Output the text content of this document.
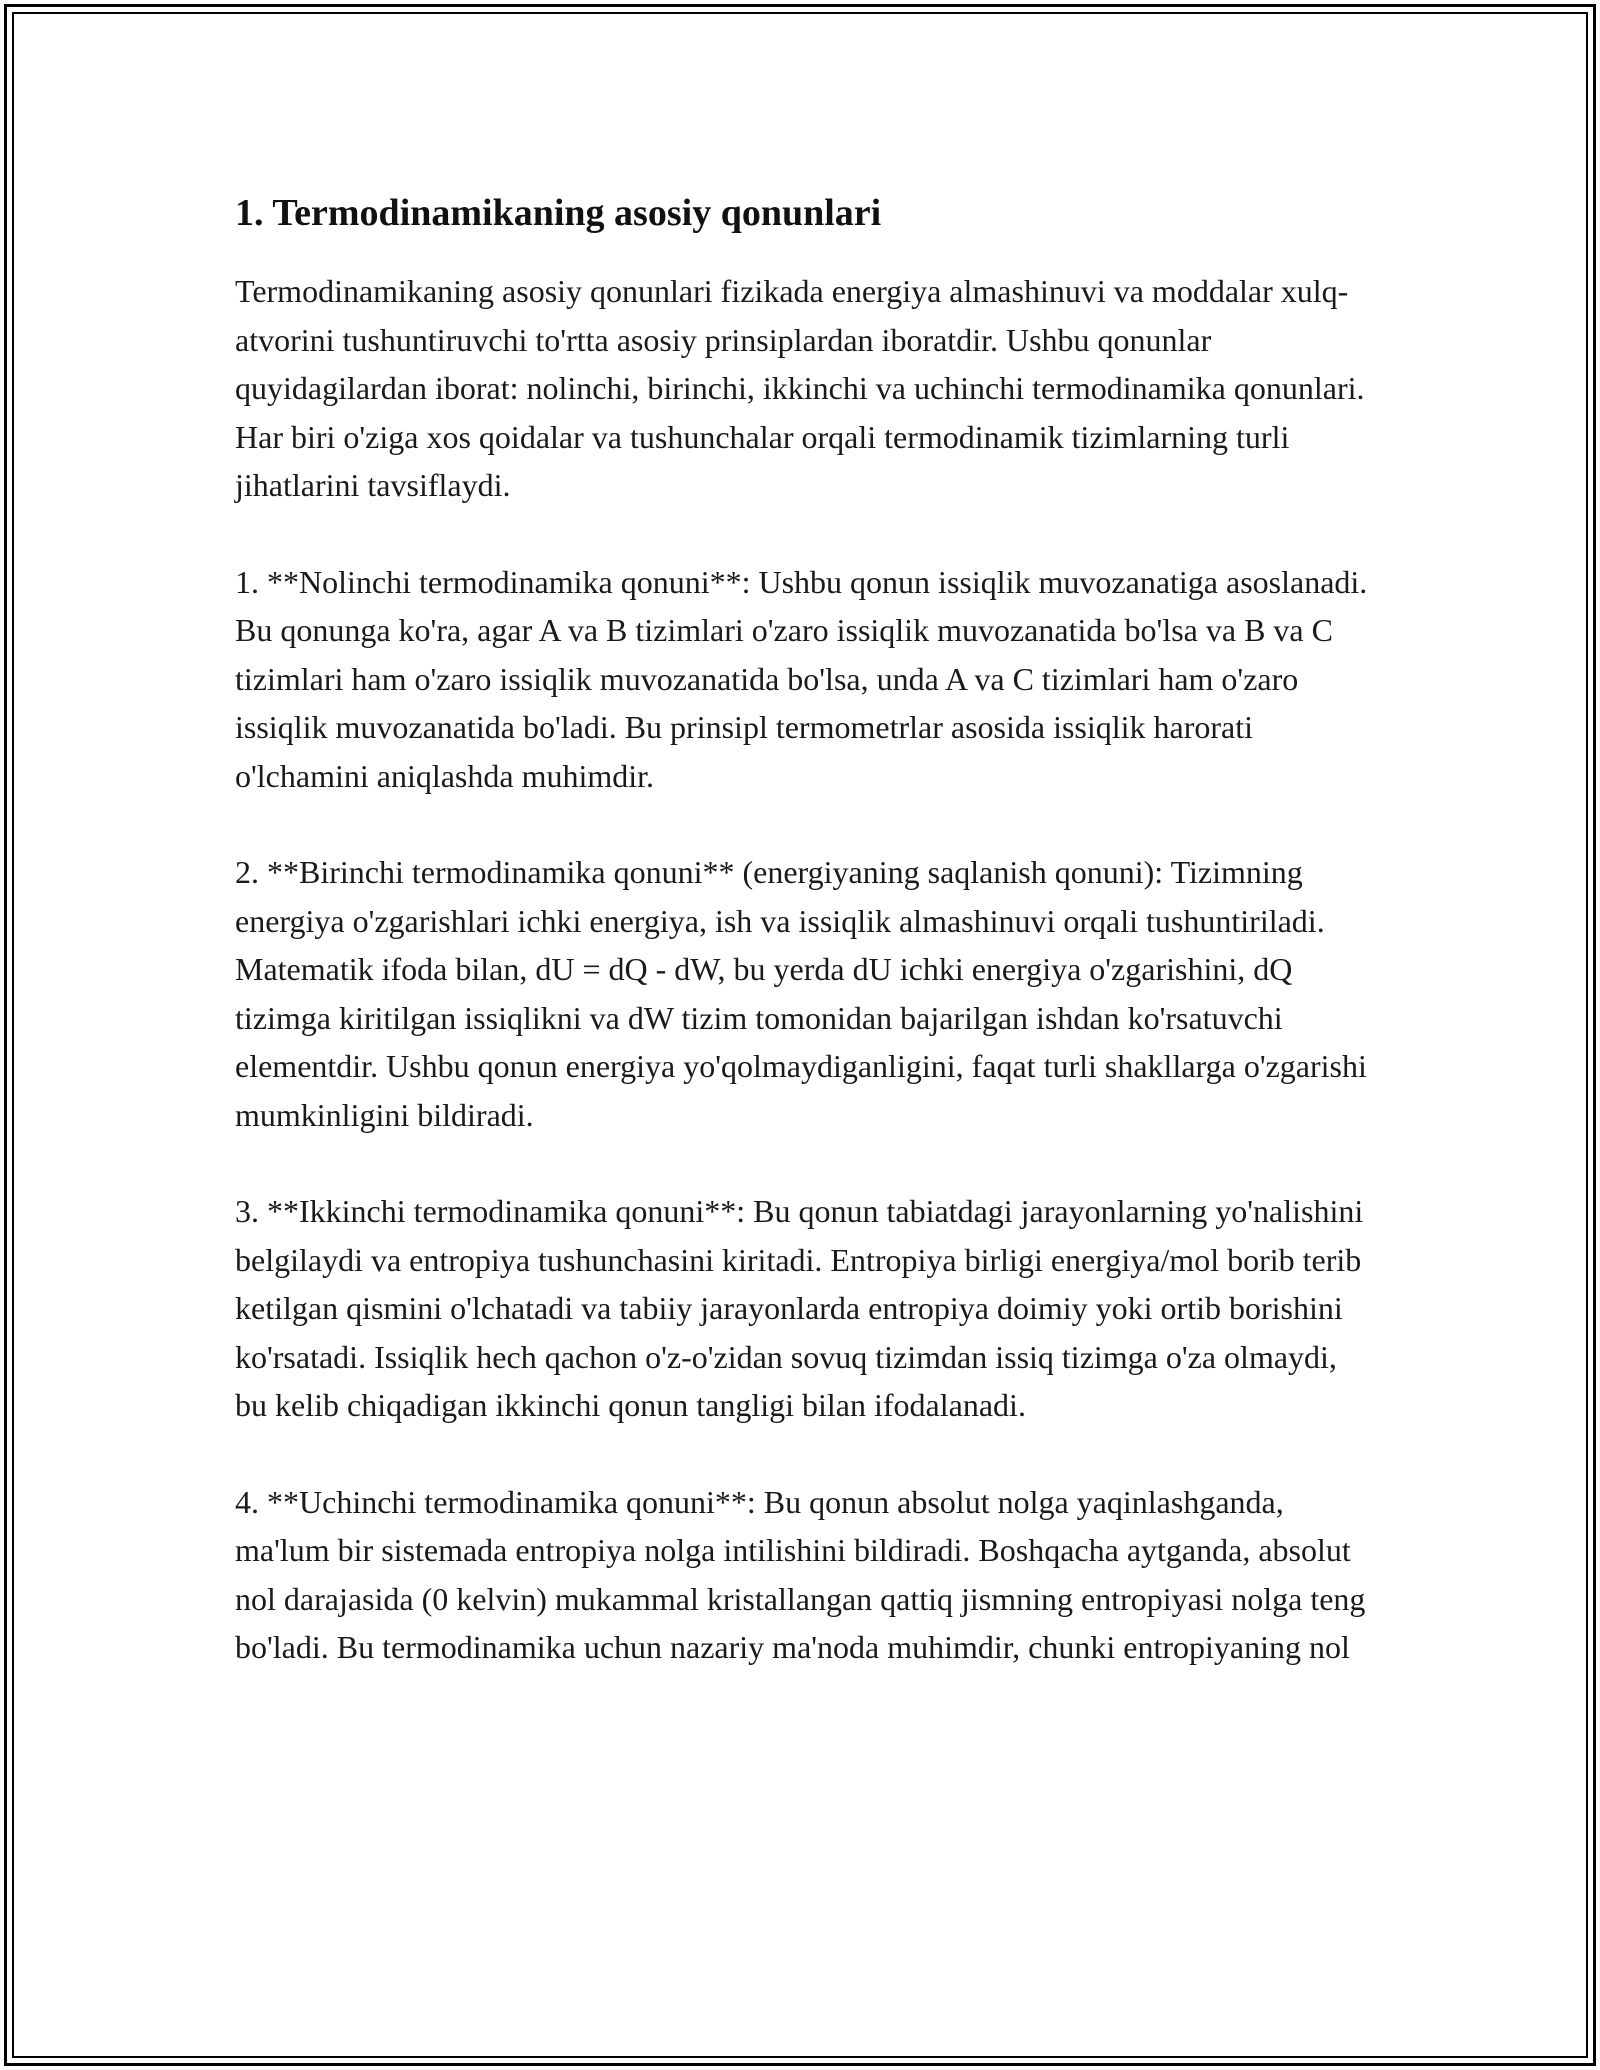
1. Termodinamikaning asosiy qonunlari

Termodinamikaning asosiy qonunlari fizikada energiya almashinuvi va moddalar xulq-atvorini tushuntiruvchi to'rtta asosiy prinsiplardan iboratdir. Ushbu qonunlar quyidagilardan iborat: nolinchi, birinchi, ikkinchi va uchinchi termodinamika qonunlari. Har biri o'ziga xos qoidalar va tushunchalar orqali termodinamik tizimlarning turli jihatlarini tavsiflaydi.

1. **Nolinchi termodinamika qonuni**: Ushbu qonun issiqlik muvozanatiga asoslanadi. Bu qonunga ko'ra, agar A va B tizimlari o'zaro issiqlik muvozanatida bo'lsa va B va C tizimlari ham o'zaro issiqlik muvozanatida bo'lsa, unda A va C tizimlari ham o'zaro issiqlik muvozanatida bo'ladi. Bu prinsipl termometrlar asosida issiqlik harorati o'lchamini aniqlashda muhimdir.

2. **Birinchi termodinamika qonuni** (energiyaning saqlanish qonuni): Tizimning energiya o'zgarishlari ichki energiya, ish va issiqlik almashinuvi orqali tushuntiriladi. Matematik ifoda bilan, dU = dQ - dW, bu yerda dU ichki energiya o'zgarishini, dQ tizimga kiritilgan issiqlikni va dW tizim tomonidan bajarilgan ishdan ko'rsatuvchi elementdir. Ushbu qonun energiya yo'qolmaydiganligini, faqat turli shakllarga o'zgarishi mumkinligini bildiradi.

3. **Ikkinchi termodinamika qonuni**: Bu qonun tabiatdagi jarayonlarning yo'nalishini belgilaydi va entropiya tushunchasini kiritadi. Entropiya birligi energiya/mol borib terib ketilgan qismini o'lchatadi va tabiiy jarayonlarda entropiya doimiy yoki ortib borishini ko'rsatadi. Issiqlik hech qachon o'z-o'zidan sovuq tizimdan issiq tizimga o'za olmaydi, bu kelib chiqadigan ikkinchi qonun tangligi bilan ifodalanadi.

4. **Uchinchi termodinamika qonuni**: Bu qonun absolut nolga yaqinlashganda, ma'lum bir sistemada entropiya nolga intilishini bildiradi. Boshqacha aytganda, absolut nol darajasida (0 kelvin) mukammal kristallangan qattiq jismning entropiyasi nolga teng bo'ladi. Bu termodinamika uchun nazariy ma'noda muhimdir, chunki entropiyaning nol
